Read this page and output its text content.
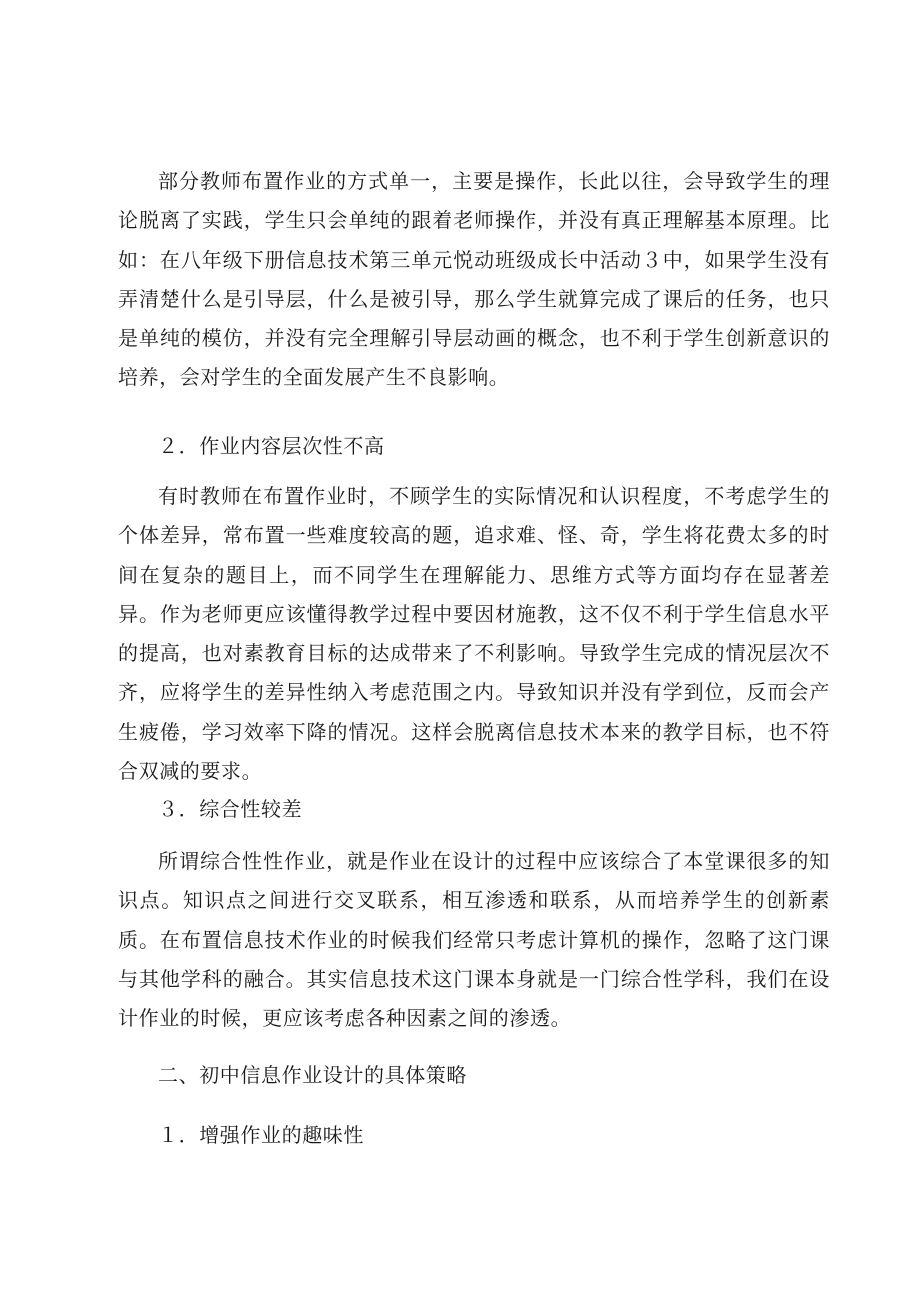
部分教师布置作业的方式单一，主要是操作，长此以往，会导致学生的理论脱离了实践，学生只会单纯的跟着老师操作，并没有真正理解基本原理。比如：在八年级下册信息技术第三单元悦动班级成长中活动３中，如果学生没有弄清楚什么是引导层，什么是被引导，那么学生就算完成了课后的任务，也只是单纯的模仿，并没有完全理解引导层动画的概念，也不利于学生创新意识的培养，会对学生的全面发展产生不良影响。

２．作业内容层次性不高

有时教师在布置作业时，不顾学生的实际情况和认识程度，不考虑学生的个体差异，常布置一些难度较高的题，追求难、怪、奇，学生将花费太多的时间在复杂的题目上，而不同学生在理解能力、思维方式等方面均存在显著差异。作为老师更应该懂得教学过程中要因材施教，这不仅不利于学生信息水平的提高，也对素教育目标的达成带来了不利影响。导致学生完成的情况层次不齐，应将学生的差异性纳入考虑范围之内。导致知识并没有学到位，反而会产生疲倦，学习效率下降的情况。这样会脱离信息技术本来的教学目标，也不符合双减的要求。

３．综合性较差

所谓综合性性作业，就是作业在设计的过程中应该综合了本堂课很多的知识点。知识点之间进行交叉联系，相互渗透和联系，从而培养学生的创新素质。在布置信息技术作业的时候我们经常只考虑计算机的操作，忽略了这门课与其他学科的融合。其实信息技术这门课本身就是一门综合性学科，我们在设计作业的时候，更应该考虑各种因素之间的渗透。

二、初中信息作业设计的具体策略

１．增强作业的趣味性
